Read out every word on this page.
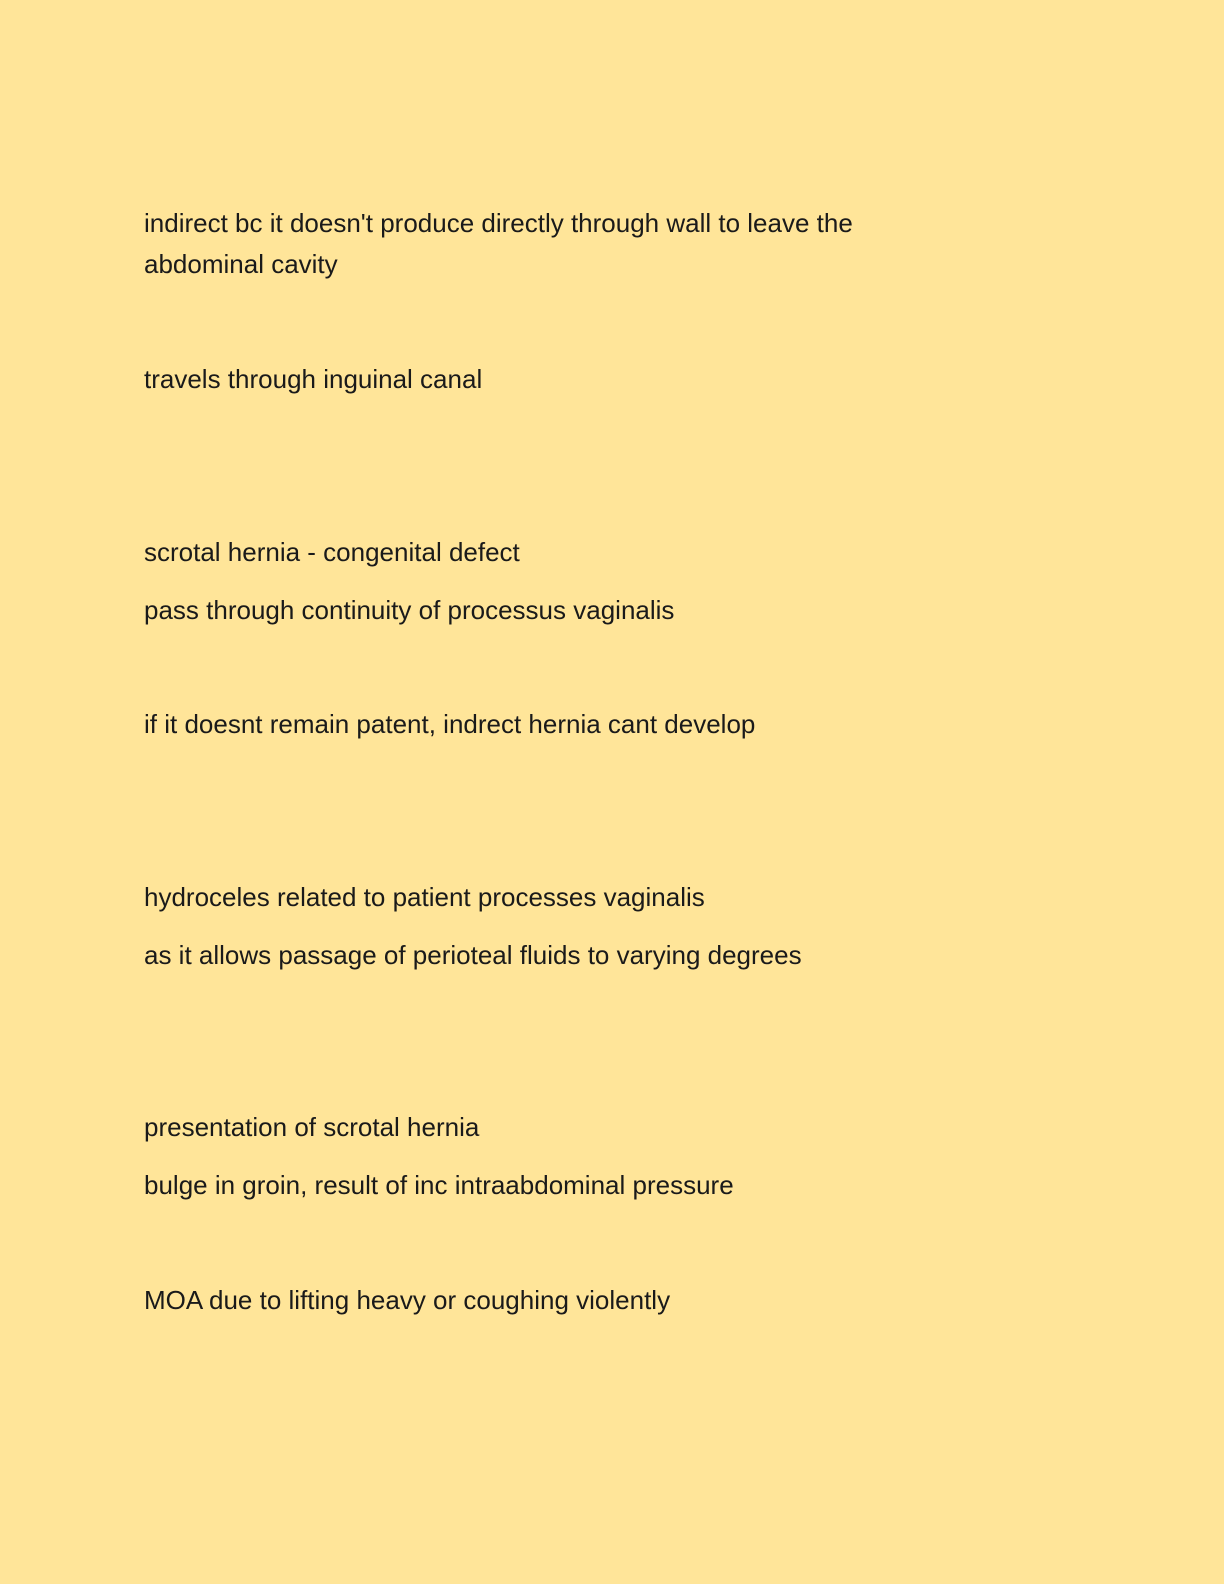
indirect bc it doesn't produce directly through wall to leave the

abdominal cavity

travels through inguinal canal

scrotal hernia - congenital defect

pass through continuity of processus vaginalis

if it doesnt remain patent, indrect hernia cant develop

hydroceles related to patient processes vaginalis

as it allows passage of perioteal fluids to varying degrees

presentation of scrotal hernia

bulge in groin, result of inc intraabdominal pressure

MOA due to lifting heavy or coughing violently
